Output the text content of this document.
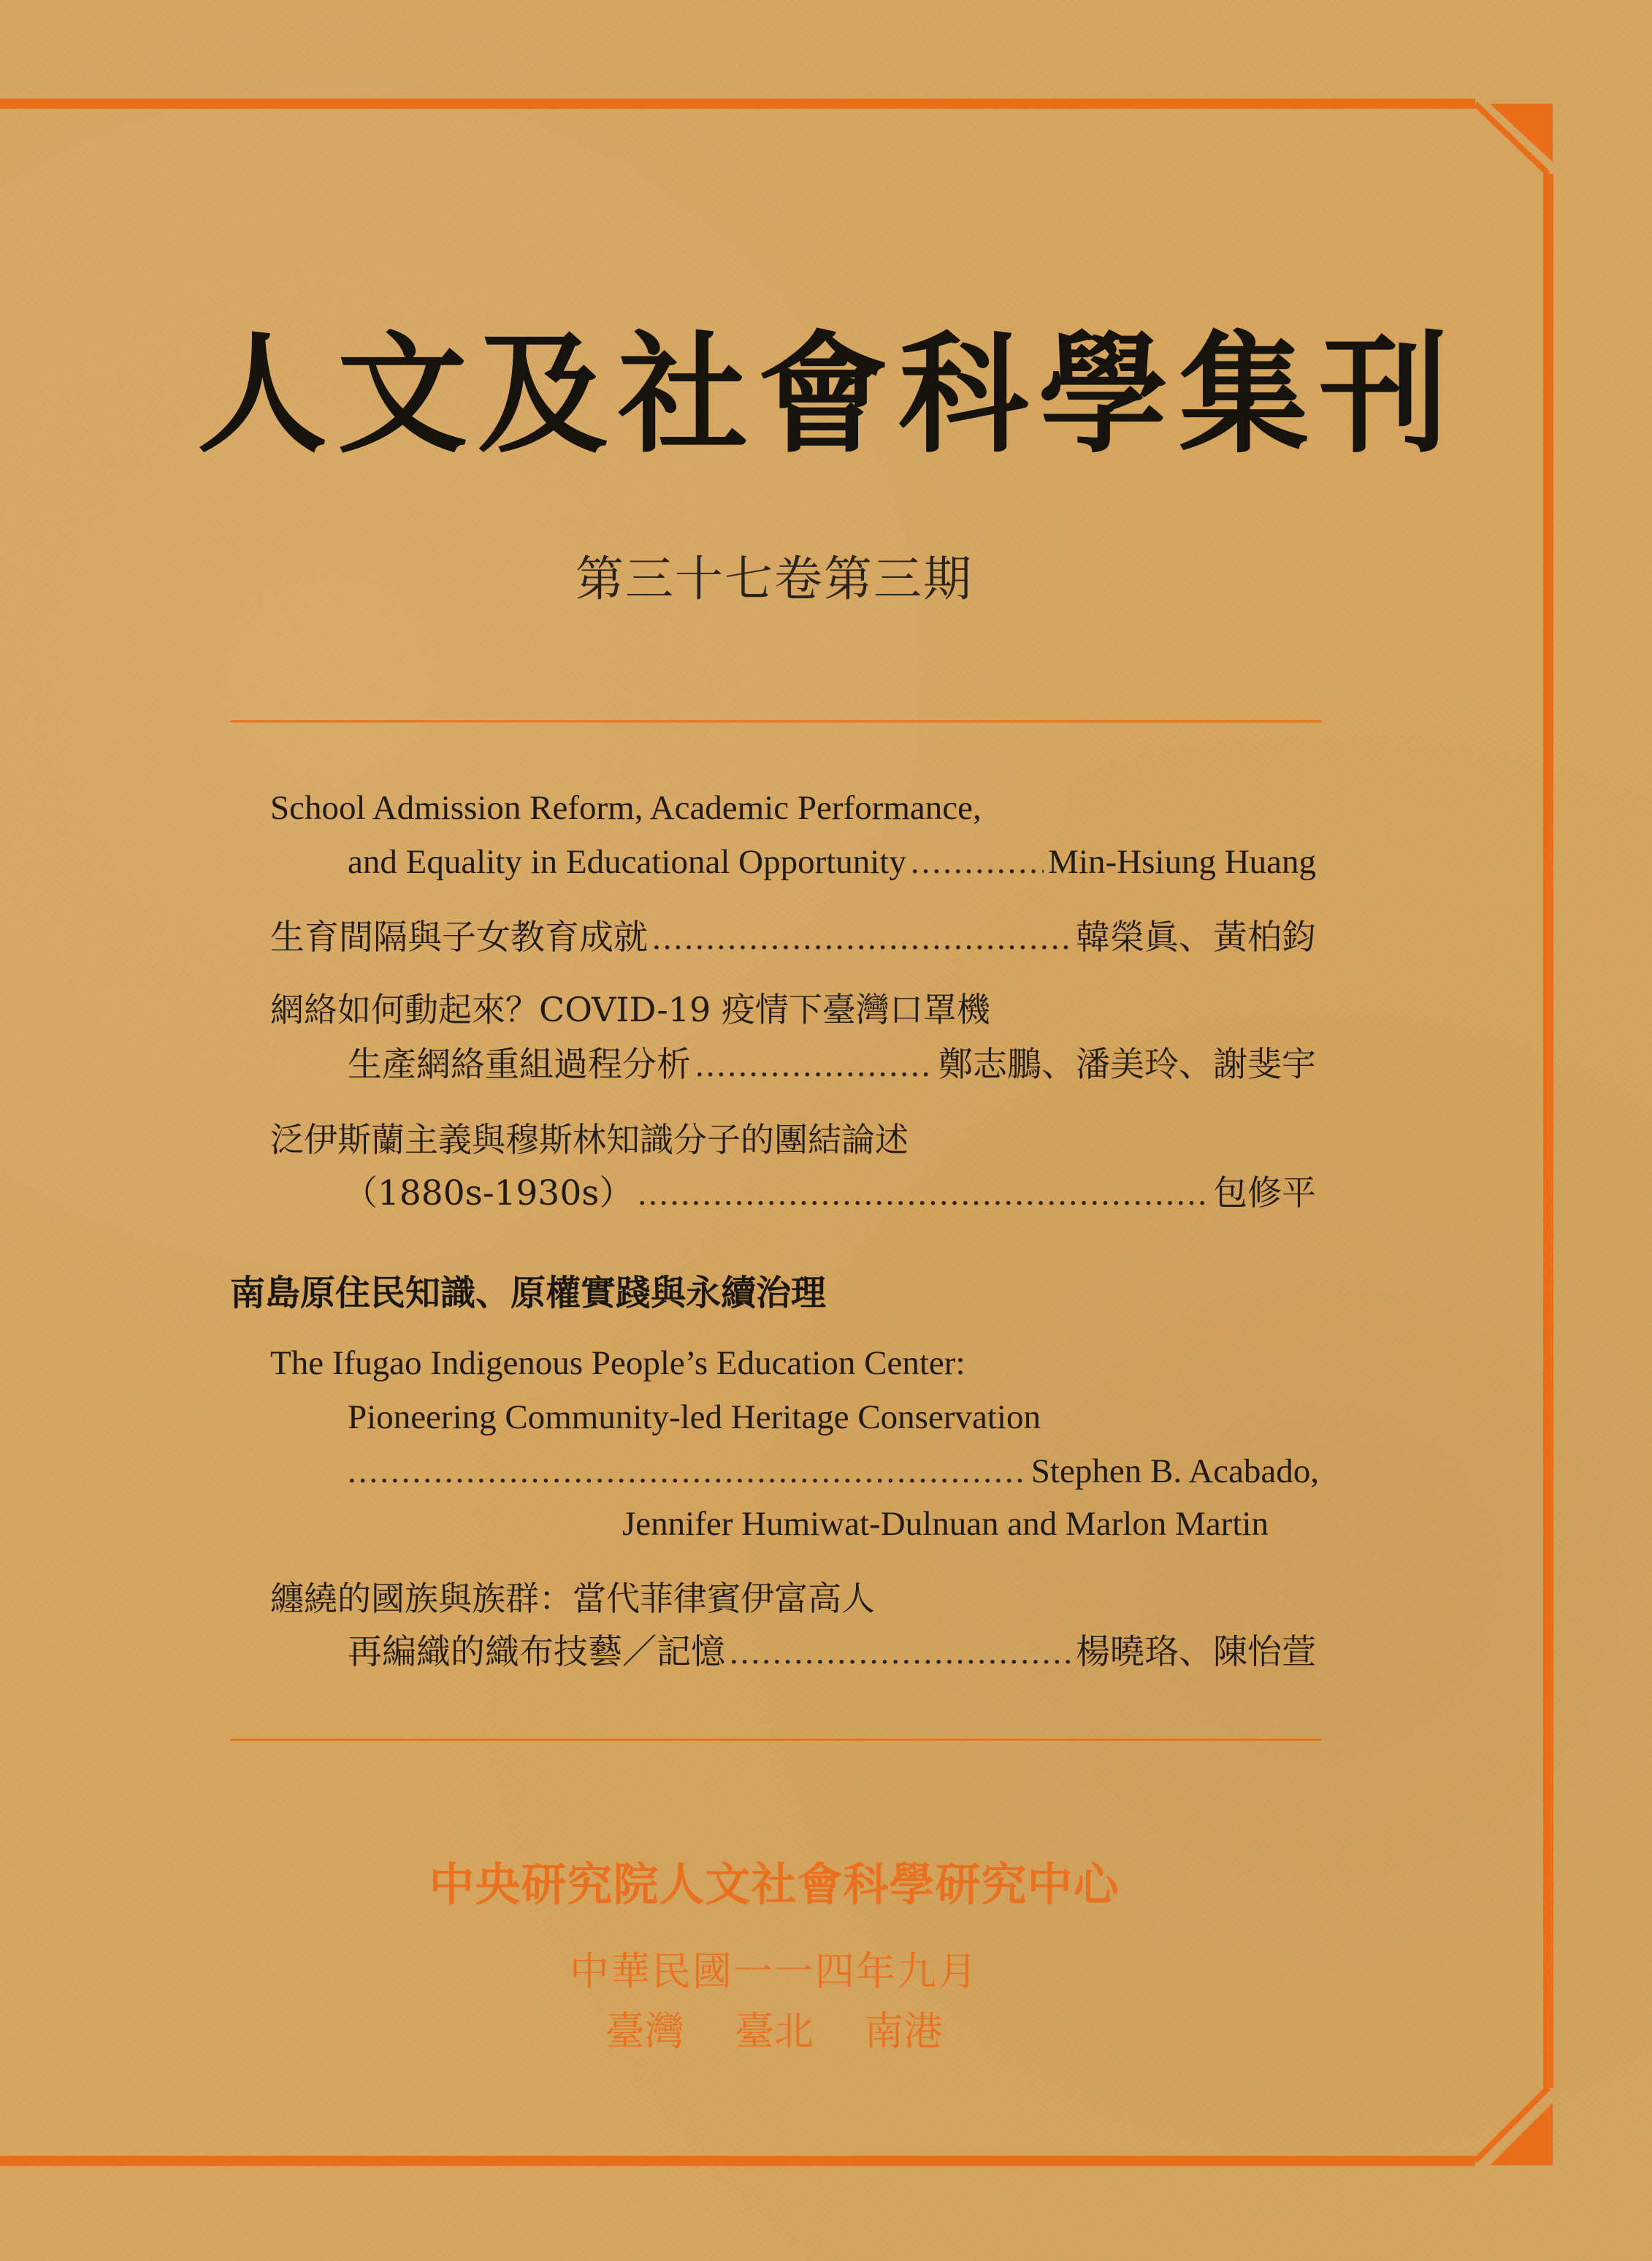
人文及社會科學集刊
第三十七卷第三期
School Admission Reform, Academic Performance,
and Equality in Educational Opportunity .....	Min-Hsiung Huang
生育間隔與子女教育成就 .....	韓榮眞、黃柏鈞
網絡如何動起來？COVID-19 疫情下臺灣口罩機
生產網絡重組過程分析 .....	鄭志鵬、潘美玲、謝斐宇
泛伊斯蘭主義與穆斯林知識分子的團結論述
（1880s-1930s） .....	包修平
南島原住民知識、原權實踐與永續治理
The Ifugao Indigenous People’s Education Center:
Pioneering Community-led Heritage Conservation
.....
Stephen B. Acabado,
Jennifer Humiwat-Dulnuan and Marlon Martin
纏繞的國族與族群：當代菲律賓伊富高人
再編織的織布技藝／記憶 .....	楊曉珞、陳怡萱
中央研究院人文社會科學研究中心
中華民國一一四年九月
臺灣 臺北 南港
